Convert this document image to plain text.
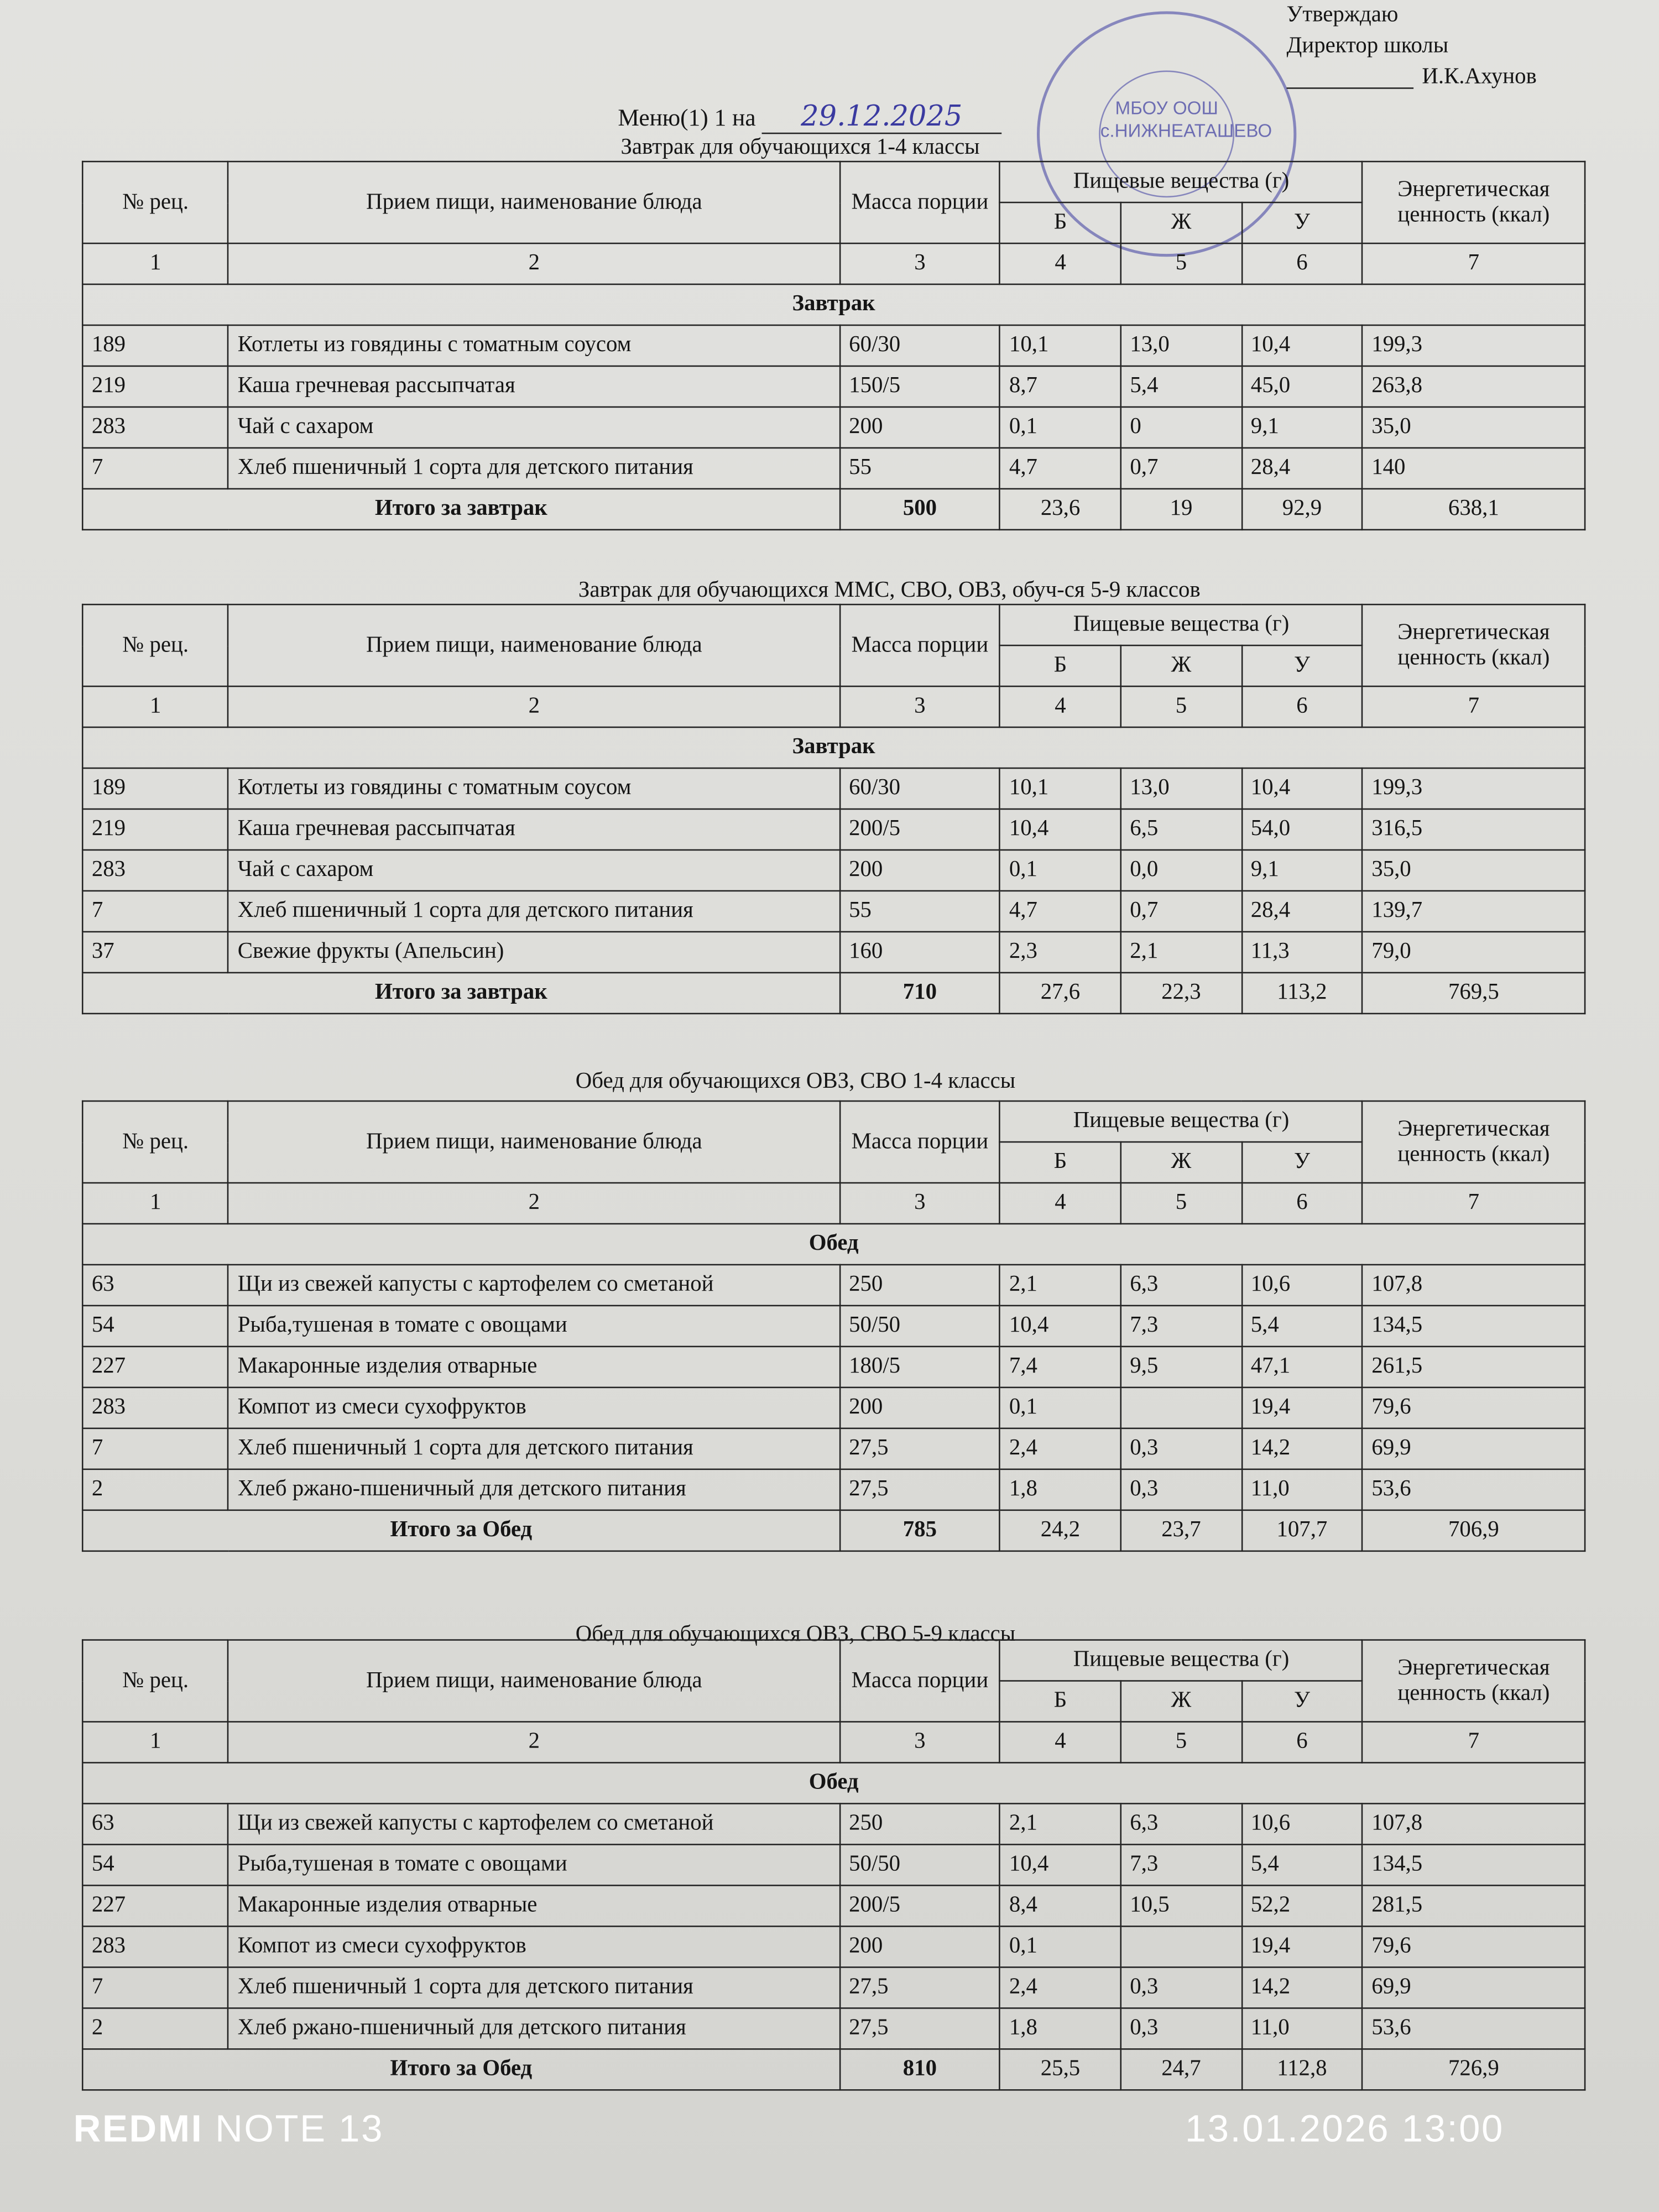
МБОУ ООШ с.НИЖНЕАТАШЕВО
Утверждаю
Директор школы
И.К.Ахунов
Меню(1) 1 на	29.12.2025
Завтрак для обучающихся 1-4 классы
№ рец.	Прием пищи, наименование блюда	Масса порции	Пищевые вещества (г)			Энергетическая ценность (ккал)
			Б	Ж	У	
1	2	3	4	5	6	7
Завтрак						
189	Котлеты из говядины с томатным соусом	60/30	10,1	13,0	10,4	199,3
219	Каша гречневая рассыпчатая	150/5	8,7	5,4	45,0	263,8
283	Чай с сахаром	200	0,1	0	9,1	35,0
7	Хлеб пшеничный 1 сорта для детского питания	55	4,7	0,7	28,4	140
Итого за завтрак		500	23,6	19	92,9	638,1
Завтрак для обучающихся ММС, СВО, ОВЗ, обуч-ся 5-9 классов
№ рец.	Прием пищи, наименование блюда	Масса порции	Пищевые вещества (г)			Энергетическая ценность (ккал)
			Б	Ж	У	
1	2	3	4	5	6	7
Завтрак						
189	Котлеты из говядины с томатным соусом	60/30	10,1	13,0	10,4	199,3
219	Каша гречневая рассыпчатая	200/5	10,4	6,5	54,0	316,5
283	Чай с сахаром	200	0,1	0,0	9,1	35,0
7	Хлеб пшеничный 1 сорта для детского питания	55	4,7	0,7	28,4	139,7
37	Свежие фрукты (Апельсин)	160	2,3	2,1	11,3	79,0
Итого за завтрак		710	27,6	22,3	113,2	769,5
Обед для обучающихся ОВЗ, СВО 1-4 классы
№ рец.	Прием пищи, наименование блюда	Масса порции	Пищевые вещества (г)			Энергетическая ценность (ккал)
			Б	Ж	У	
1	2	3	4	5	6	7
Обед						
63	Щи из свежей капусты с картофелем со сметаной	250	2,1	6,3	10,6	107,8
54	Рыба,тушеная в томате с овощами	50/50	10,4	7,3	5,4	134,5
227	Макаронные изделия отварные	180/5	7,4	9,5	47,1	261,5
283	Компот из смеси сухофруктов	200	0,1		19,4	79,6
7	Хлеб пшеничный 1 сорта для детского питания	27,5	2,4	0,3	14,2	69,9
2	Хлеб ржано-пшеничный для детского питания	27,5	1,8	0,3	11,0	53,6
Итого за Обед		785	24,2	23,7	107,7	706,9
Обед для обучающихся ОВЗ, СВО 5-9 классы
№ рец.	Прием пищи, наименование блюда	Масса порции	Пищевые вещества (г)			Энергетическая ценность (ккал)
			Б	Ж	У	
1	2	3	4	5	6	7
Обед						
63	Щи из свежей капусты с картофелем со сметаной	250	2,1	6,3	10,6	107,8
54	Рыба,тушеная в томате с овощами	50/50	10,4	7,3	5,4	134,5
227	Макаронные изделия отварные	200/5	8,4	10,5	52,2	281,5
283	Компот из смеси сухофруктов	200	0,1		19,4	79,6
7	Хлеб пшеничный 1 сорта для детского питания	27,5	2,4	0,3	14,2	69,9
2	Хлеб ржано-пшеничный для детского питания	27,5	1,8	0,3	11,0	53,6
Итого за Обед		810	25,5	24,7	112,8	726,9
REDMI NOTE 13	13.01.2026 13:00
